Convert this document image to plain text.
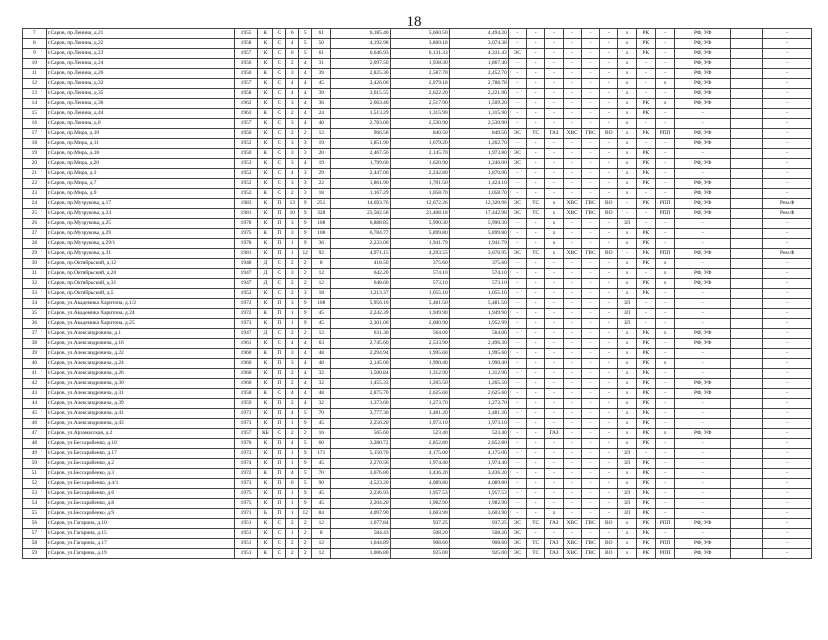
18
7	г.Саров, пр.Ленина, д.21	1955	К	С	6	5	61	6,185.40	5,660.50	4,494.20	-	-	-	-	-	-	х	РК	-	РФ, УФ		-
8	г.Саров, пр.Ленина, д.22	1958	К	С	4	5	50	4,192.98	3,800.18	3,074.38	-	-	-	-	-	-	х	РК	-	РФ, УФ		-
9	г.Саров, пр.Ленина, д.23	1957	К	С	6	5	61	6,646.93	6,131.33	4,331.43	ЭС	-	-	-	-	-	х	РК	-	РФ, УФ		-
10	г.Саров, пр.Ленина, д.24	1956	К	С	2	4	31	2,097.50	1,938.30	1,867.40	-	-	-	-	-	-	х	-	-	РФ, УФ		-
11	г.Саров, пр.Ленина, д.26	1956	К	С	3	4	39	2,825.30	2,587.70	2,452.70	-	-	-	-	-	-	х	-	-	РФ, УФ		-
12	г.Саров, пр.Ленина, д.32	1957	К	С	4	4	45	3,426.06	2,979.18	2,788.78	-	-	-	-	-	-	х	-	х	РФ, УФ		-
13	г.Саров, пр.Ленина, д.35	1958	К	С	4	4	39	3,015.55	2,622.20	2,221.90	-	-	-	-	-	-	х	-	-	РФ, УФ		-
14	г.Саров, пр.Ленина, д.36	1962	К	С	3	4	36	2,663.40	2,517.90	1,509.20	-	-	-	-	-	-	х	РК	х	РФ, УФ		-
15	г.Саров, пр.Ленина, д.44	1963	К	С	2	4	24	1,513.29	1,315.90	1,315.90	-	-	-	-	-	-	х	РК	-	-		-
16	г.Саров, пр.Ленина, д.8	1957	К	С	3	4	40	2,783.00	2,530.90	2,530.90	-	-	-	-	-	-	х	-	-	-		-
17	г.Саров, пр.Мира, д.10	1950	К	С	2	2	12	966.58	840.50	840.50	ЭС	ТС	ГАЗ	ХВС	ГВС	ВО	х	РК	РПП	РФ, УФ		-
18	г.Саров, пр.Мира, д.11	1952	К	С	3	3	19	1,851.90	1,679.20	1,262.70	-	-	-	-	-	-	х	-	-	РФ, УФ		-
19	г.Саров, пр.Мира, д.18	1950	К	С	3	3	20	2,467.56	2,145.70	1,973.80	ЭС	-	-	-	-	-	х	РК	-	-		-
20	г.Саров, пр.Мира, д.20	1953	К	С	3	4	19	1,799.60	1,620.90	1,246.00	ЭС	-	-	-	-	-	х	РК	-	РФ, УФ		-
21	г.Саров, пр.Мира, д.3	1952	К	С	4	3	29	2,447.00	2,242.80	1,870.90	-	-	-	-	-	-	х	РК	-	-		-
22	г.Саров, пр.Мира, д.7	1952	К	С	3	3	22	1,861.90	1,701.50	1,424.10	-	-	-	-	-	-	х	РК	-	РФ, УФ		-
23	г.Саров, пр.Мира, д.9	1952	К	С	2	3	18	1,167.29	1,058.70	1,058.70	-	-	-	-	-	-	х	-	-	РФ, УФ		-
24	г.Саров, пр.Музрукова, д.17	1983	К	П	13	9	251	14,693.76	12,672.26	12,320.96	ЭС	ТС	х	ХВС	ГВС	ВО	-	РК	РПП	РФ, УФ		Рем.Ф
25	г.Саров, пр.Музрукова, д.24	1981	К	П	10	9	328	23,582.58	21,408.18	17,442.98	ЭС	ТС	х	ХВС	ГВС	ВО	-	-	РПП	РФ, УФ		Рем.Ф
26	г.Саров, пр.Музрукова, д.25	1978	К	П	3	9	108	6,888.85	5,990.30	5,990.30	-	-	х	-	-	-	ЗЛ	-	-	-		-
27	г.Саров, пр.Музрукова, д.29	1975	К	П	3	9	108	6,784.77	5,899.80	5,899.80	-	-	х	-	-	-	х	РК	-	-		-
28	г.Саров, пр.Музрукова, д.29/1	1978	К	П	1	9	36	2,233.06	1,941.79	1,941.79	-	-	х	-	-	-	х	РК	-	-		-
29	г.Саров, пр.Музрукова, д.31	1981	К	П	1	12	92	4,971.15	4,293.55	3,676.95	ЭС	ТС	х	ХВС	ГВС	ВО	-	РК	РПП	РФ, УФ		Рем.Ф
30	г.Саров, пр.Октябрьский, д.12	1948	Д	С	2	2	8	418.50	375.60	375.60	-	-	-	-	-	-	х	РК	х	-		-
31	г.Саров, пр.Октябрьский, д.20	1947	Д	С	3	2	12	642.20	574.10	574.10	-	-	-	-	-	-	х	-	х	РФ, УФ		-
32	г.Саров, пр.Октябрьский, д.31	1947	Д	С	2	2	12	648.60	573.10	573.10	-	-	-	-	-	-	х	РК	х	РФ, УФ		-
33	г.Саров, пр.Октябрьский, д.5	1952	К	С	2	3	18	1,213.37	1,055.10	1,055.10	-	-	-	-	-	-	х	РК	-	-		-
34	г.Саров, ул.Академика Харитона, д.1/2	1972	К	П	3	9	108	5,956.10	5,481.50	5,481.50	-	-	-	-	-	-	ЗЛ	-	-	-		-
35	г.Саров, ул.Академика Харитона, д.24	1972	К	П	1	9	45	2,242.39	1,949.90	1,949.90	-	-	-	-	-	-	ЗЛ	-	-	-		-
36	г.Саров, ул.Академика Харитона, д.25	1973	К	П	1	9	45	2,301.06	2,000.90	1,952.99	-	-	-	-	-	-	ЗЛ	-	-	-		-
37	г.Саров, ул.Александровича, д.1	1947	Д	С	2	2	12	631.30	564.00	564.00	-	-	-	-	-	-	х	РК	х	РФ, УФ		-
38	г.Саров, ул.Александровича, д.16	1961	К	С	4	4	63	2,745.60	2,533.90	2,496.30	-	-	-	-	-	-	х	РК	-	РФ, УФ		-
39	г.Саров, ул.Александровича, д.22	1960	К	П	3	4	48	2,294.94	1,995.60	1,995.60	-	-	-	-	-	-	х	РК	-	-		-
40	г.Саров, ул.Александровича, д.24	1960	К	П	3	4	48	2,145.00	1,990.40	1,990.40	-	-	-	-	-	-	х	РК	х	-		-
41	г.Саров, ул.Александровича, д.26	1960	К	П	2	4	32	1,500.84	1,312.90	1,312.90	-	-	-	-	-	-	х	РК	-	-		-
42	г.Саров, ул.Александровича, д.30	1960	К	П	2	4	32	1,455.33	1,265.50	1,265.50	-	-	-	-	-	-	х	РК	-	РФ, УФ		-
43	г.Саров, ул.Александровича, д.31	1958	К	С	4	4	48	2,875.70	2,625.60	2,625.60	-	-	-	-	-	-	х	РК	-	РФ, УФ		-
44	г.Саров, ул.Александровича, д.39	1959	К	П	2	4	32	1,373.60	1,273.70	1,273.70	-	-	-	-	-	-	х	РК	-	-		-
45	г.Саров, ул.Александровича, д.41	1973	К	П	4	5	70	3,777.30	3,481.20	3,481.20	-	-	-	-	-	-	х	РК	-	-		-
46	г.Саров, ул.Александровича, д.43	1973	К	П	1	9	45	2,256.20	1,973.10	1,973.10	-	-	-	-	-	-	х	РК	-	-		-
47	г.Саров, ул.Арзамасская, д.2	1957	КБ	С	2	2	16	565.60	523.40	523.40	-	-	ГАЗ	-	-	-	х	РК	х	РФ, УФ		-
48	г.Саров, ул.Бессарабенко, д.10	1976	К	П	4	5	60	3,280.72	2,852.80	2,852.80	-	-	-	-	-	-	х	РК	-	-		-
49	г.Саров, ул.Бессарабенко, д.17	1972	К	П	1	9	171	5,150.70	4,175.00	4,175.00	-	-	-	-	-	-	ЗЛ	-	-	-		-
50	г.Саров, ул.Бессарабенко, д.2	1974	К	П	1	9	45	2,270.56	1,974.40	1,974.40	-	-	-	-	-	-	ЗЛ	РК	-	-		-
51	г.Саров, ул.Бессарабенко, д.3	1972	К	П	4	5	70	3,676.80	3,436.20	3,436.20	-	-	-	-	-	-	х	РК	-	-		-
52	г.Саров, ул.Бессарабенко, д.4/1	1973	К	П	6	5	90	4,523.20	4,089.80	4,089.80	-	-	-	-	-	-	х	РК	-	-		-
53	г.Саров, ул.Бессарабенко, д.6	1975	К	П	1	9	45	2,236.93	1,957.53	1,957.53	-	-	-	-	-	-	ЗЛ	РК	-	-		-
54	г.Саров, ул.Бессарабенко, д.8	1975	К	П	1	9	45	2,204.20	1,982.90	1,982.90	-	-	-	-	-	-	ЗЛ	РК	-	-		-
55	г.Саров, ул.Бессарабенко, д.9	1971	Б	П	1	12	84	4,097.90	3,603.90	3,603.90	-	-	х	-	-	-	ЗЛ	РК	-	-		-
56	г.Саров, ул.Гагарина, д.10	1951	К	С	2	2	12	1,077.84	937.25	937.25	ЭС	ТС	ГАЗ	ХВС	ГВС	ВО	х	РК	РПП	РФ, УФ		-
57	г.Саров, ул.Гагарина, д.15	1951	К	С	1	2	8	584.43	508.20	508.20	ЭС	-	-	-	-	-	х	РК	-	-		-
58	г.Саров, ул.Гагарина, д.17	1951	К	С	2	2	12	1,044.89	908.60	908.60	ЭС	ТС	ГАЗ	ХВС	ГВС	ВО	х	РК	РПП	РФ, УФ		-
59	г.Саров, ул.Гагарина, д.19	1951	К	С	2	2	12	1,006.80	925.00	925.00	ЭС	ТС	ГАЗ	ХВС	ГВС	ВО	х	РК	РПП	РФ, УФ		-
